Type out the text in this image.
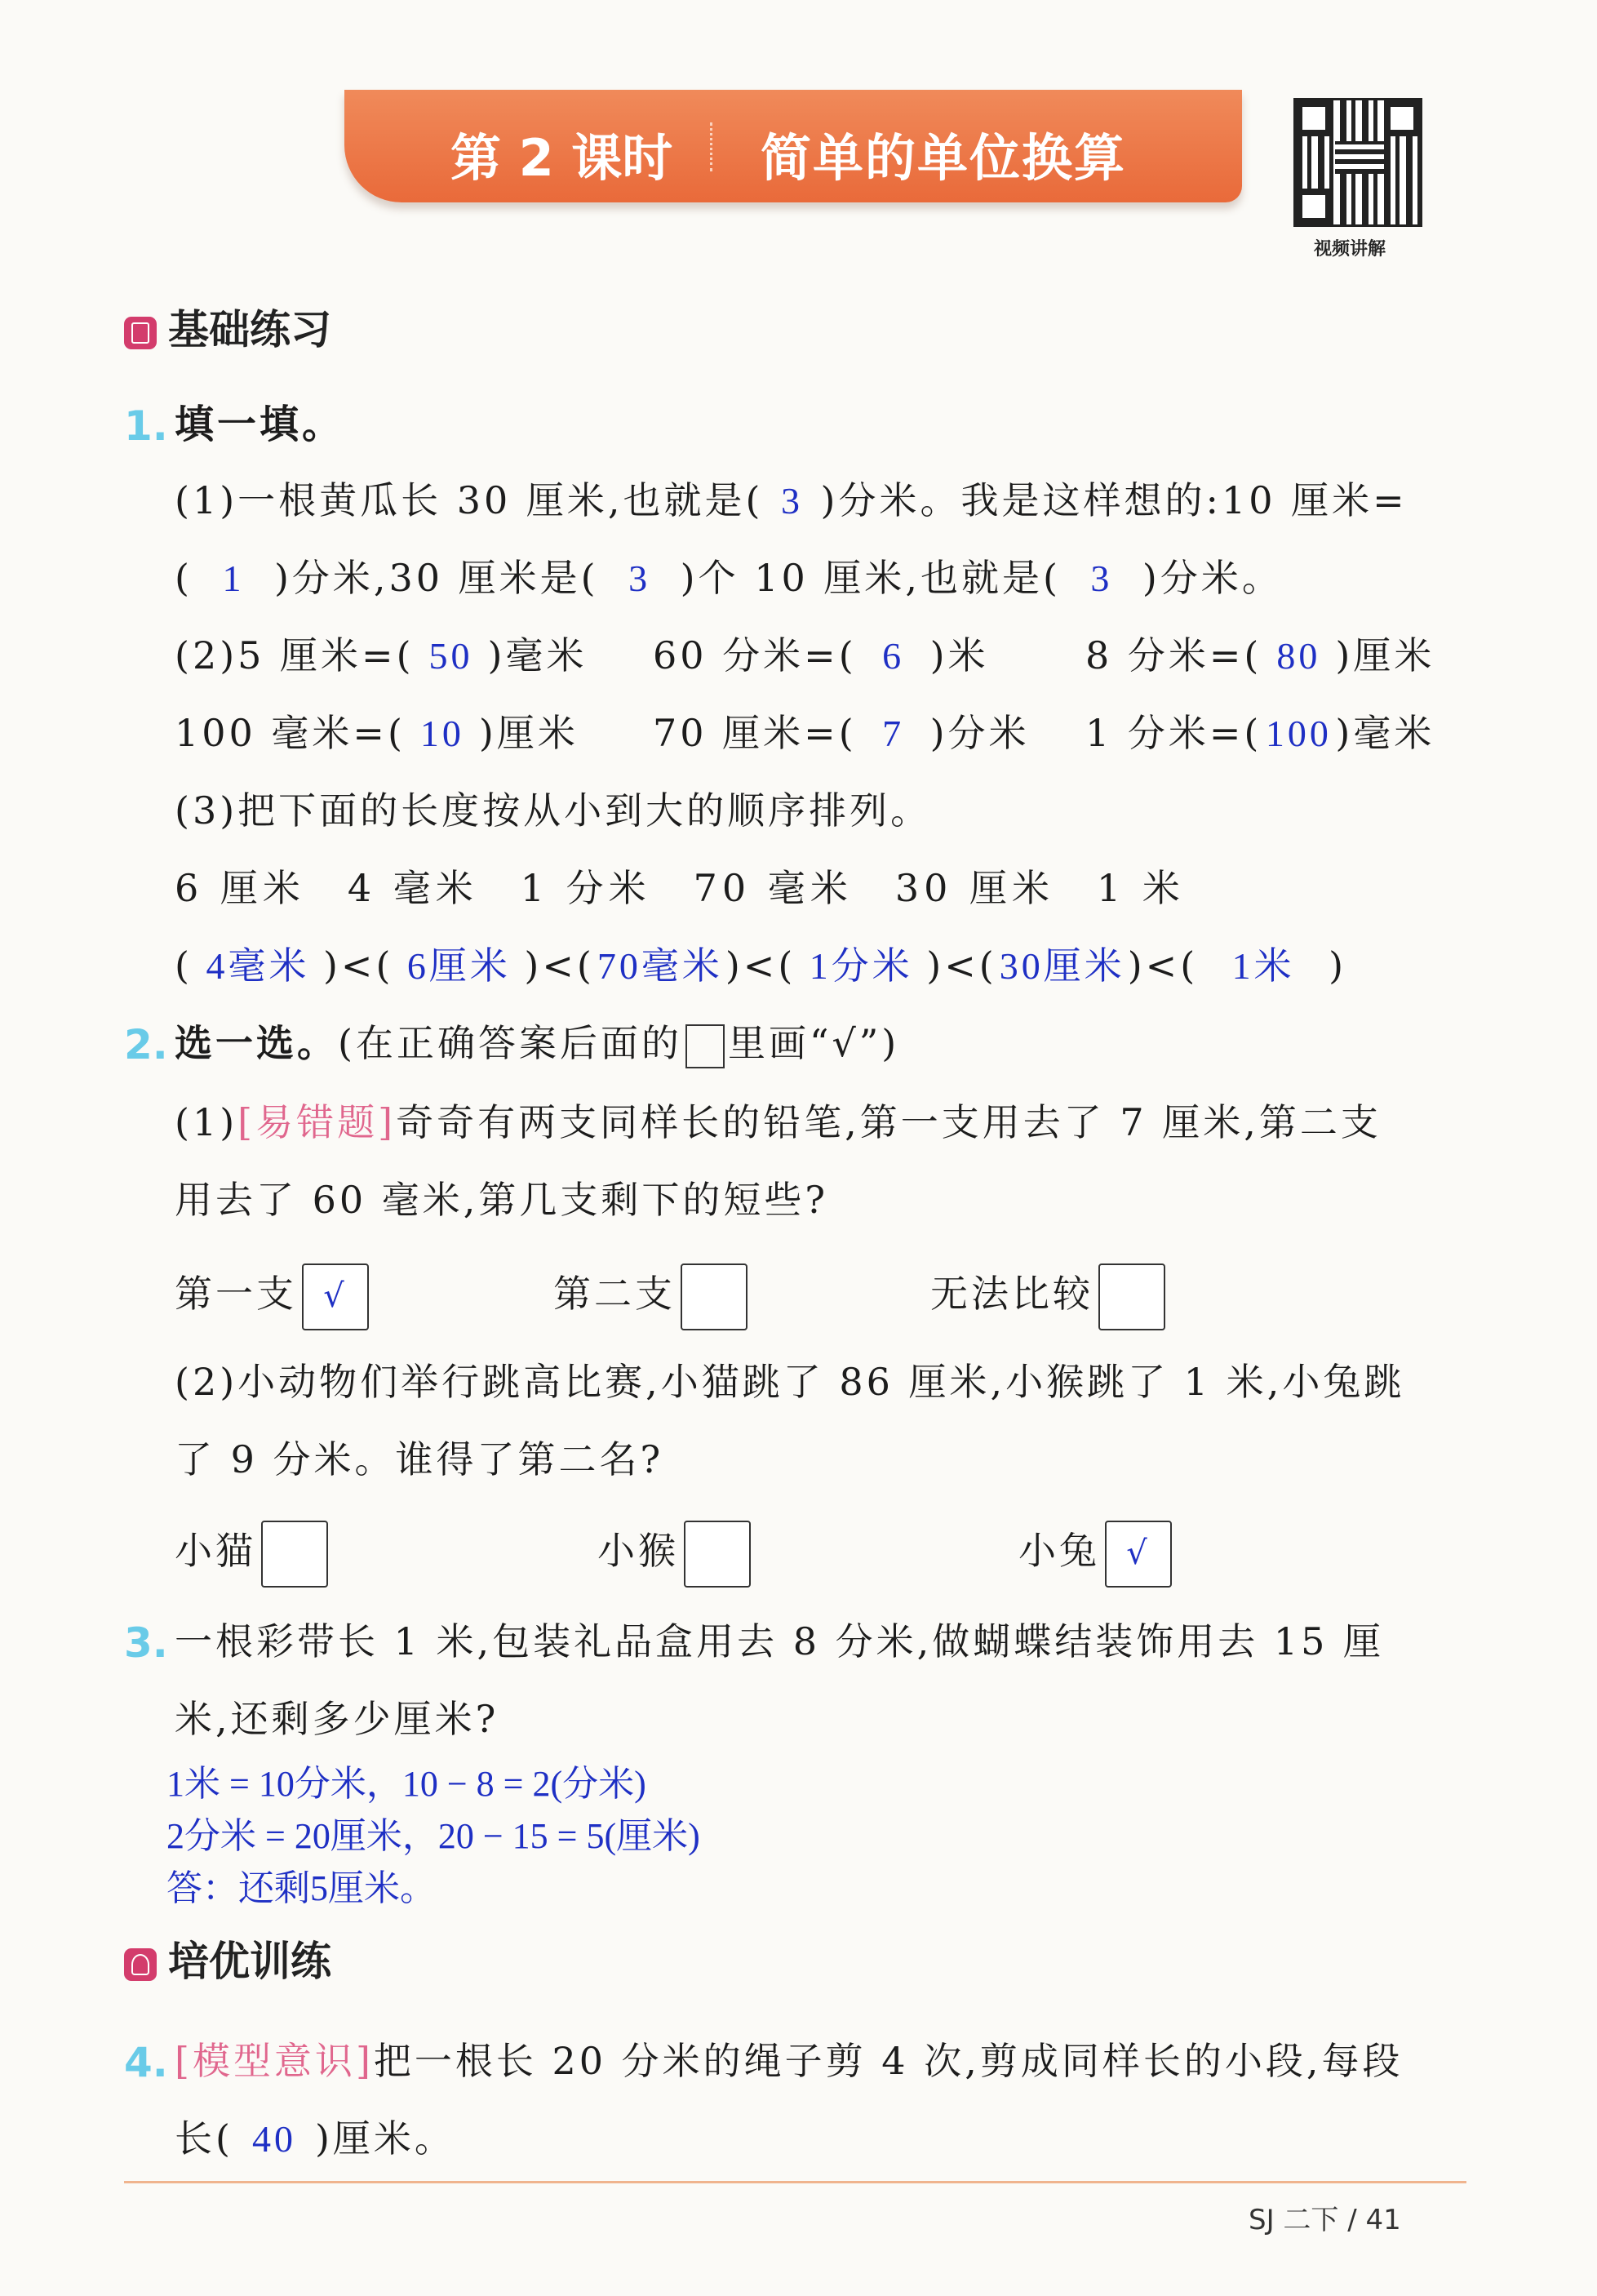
第 2 课时 简单的单位换算
视频讲解
基础练习
1. 填一填。
(1)一根黄瓜长 30 厘米,也就是( 3 )分米。我是这样想的:10 厘米=
( 1 )分米,30 厘米是( 3 )个 10 厘米,也就是( 3 )分米。
(2)5 厘米=( 50 )毫米 60 分米=( 6 )米	8 分米=( 80 )厘米
100 毫米=( 10 )厘米 70 厘米=( 7 )分米 1 分米=(100)毫米
(3)把下面的长度按从小到大的顺序排列。
6 厘米　4 毫米　1 分米　70 毫米　30 厘米　1 米
( 4毫米 )<( 6厘米 )<(70毫米)<( 1分米 )<(30厘米)<( 1米 )
2. 选一选。(在正确答案后面的 里画“√”)
(1)[易错题]奇奇有两支同样长的铅笔,第一支用去了 7 厘米,第二支
用去了 60 毫米,第几支剩下的短些?
第一支 √	第二支	无法比较
(2)小动物们举行跳高比赛,小猫跳了 86 厘米,小猴跳了 1 米,小兔跳
了 9 分米。谁得了第二名?
小猫	小猴	小兔 √
3. 一根彩带长 1 米,包装礼品盒用去 8 分米,做蝴蝶结装饰用去 15 厘
米,还剩多少厘米?
1米 = 10分米，10 − 8 = 2(分米)
2分米 = 20厘米，20 − 15 = 5(厘米)
答：还剩5厘米。
培优训练
4. [模型意识]把一根长 20 分米的绳子剪 4 次,剪成同样长的小段,每段
长( 40 )厘米。
SJ 二下 / 41
